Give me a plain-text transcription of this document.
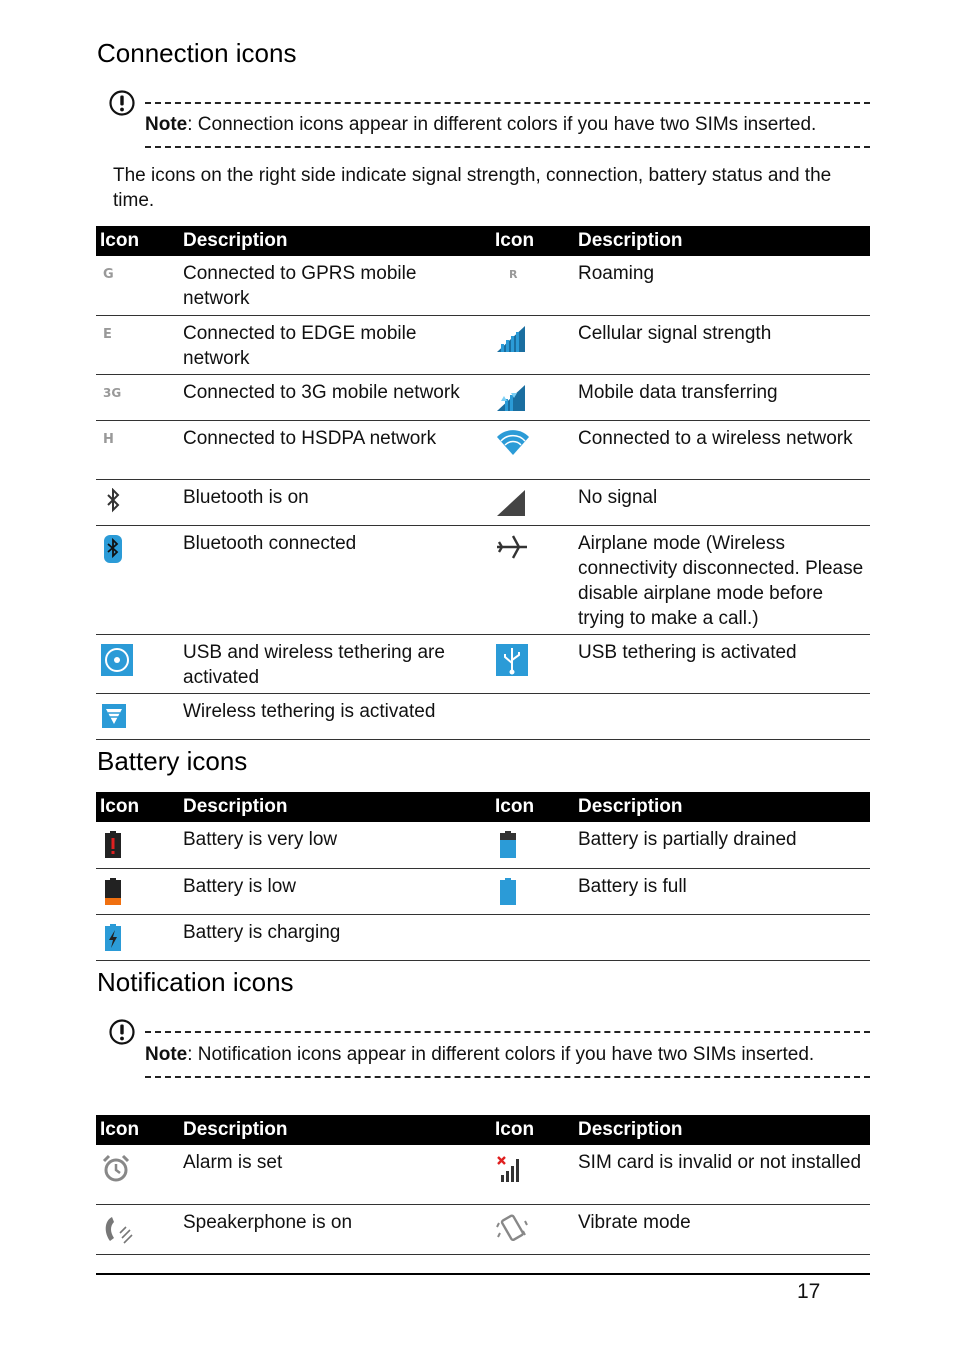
Connection icons
Note: Connection icons appear in different colors if you have two SIMs inserted.
The icons on the right side indicate signal strength, connection, battery status and the time.
Icon	Description	Icon	Description

G	Connected to GPRS mobile network	R	Roaming

E	Connected to EDGE mobile network		Cellular signal strength

3G	Connected to 3G mobile network		Mobile data transferring

H	Connected to HSDPA network		Connected to a wireless network
	Bluetooth is on		No signal
	Bluetooth connected		Airplane mode (Wireless connectivity disconnected. Please disable airplane mode before trying to make a call.)
	USB and wireless tethering are activated		USB tethering is activated
	Wireless tethering is activated		
Battery icons
Icon	Description	Icon	Description
	Battery is very low		Battery is partially drained
	Battery is low		Battery is full
	Battery is charging		
Notification icons
Note: Notification icons appear in different colors if you have two SIMs inserted.
Icon	Description	Icon	Description
	Alarm is set		SIM card is invalid or not installed
	Speakerphone is on		Vibrate mode
17
